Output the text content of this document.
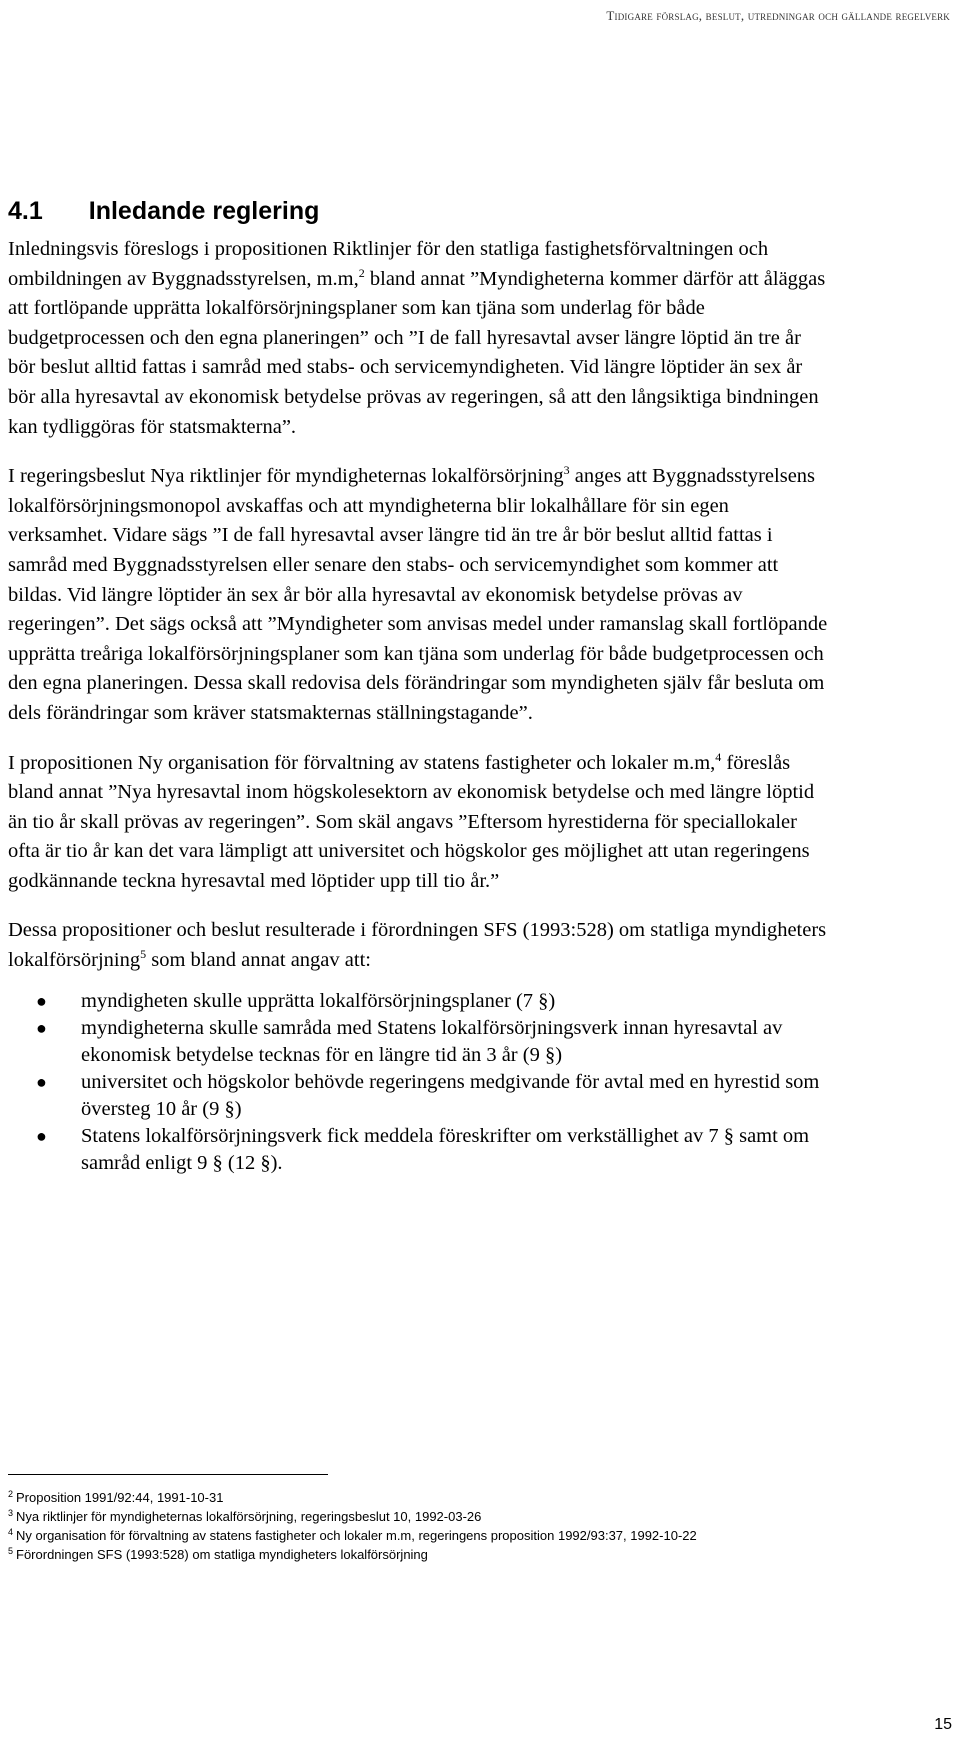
Tidigare förslag, beslut, utredningar och gällande regelverk
4.1 Inledande reglering

Inledningsvis föreslogs i propositionen Riktlinjer för den statliga fastighetsförvaltningen och ombildningen av Byggnadsstyrelsen, m.m,$^2$ bland annat ”Myndigheterna kommer därför att åläggas att fortlöpande upprätta lokalförsörjningsplaner som kan tjäna som underlag för både budgetprocessen och den egna planeringen” och ”I de fall hyresavtal avser längre löptid än tre år bör beslut alltid fattas i samråd med stabs- och servicemyndigheten. Vid längre löptider än sex år bör alla hyresavtal av ekonomisk betydelse prövas av regeringen, så att den långsiktiga bindningen kan tydliggöras för statsmakterna”.

I regeringsbeslut Nya riktlinjer för myndigheternas lokalförsörjning$^3$ anges att Byggnadsstyrelsens lokalförsörjningsmonopol avskaffas och att myndigheterna blir lokalhållare för sin egen verksamhet. Vidare sägs ”I de fall hyresavtal avser längre tid än tre år bör beslut alltid fattas i samråd med Byggnadsstyrelsen eller senare den stabs- och servicemyndighet som kommer att bildas. Vid längre löptider än sex år bör alla hyresavtal av ekonomisk betydelse prövas av regeringen”. Det sägs också att ”Myndigheter som anvisas medel under ramanslag skall fortlöpande upprätta treåriga lokalförsörjningsplaner som kan tjäna som underlag för både budgetprocessen och den egna planeringen. Dessa skall redovisa dels förändringar som myndigheten själv får besluta om dels förändringar som kräver statsmakternas ställningstagande”.

I propositionen Ny organisation för förvaltning av statens fastigheter och lokaler m.m,$^4$ föreslås bland annat ”Nya hyresavtal inom högskolesektorn av ekonomisk betydelse och med längre löptid än tio år skall prövas av regeringen”. Som skäl angavs ”Eftersom hyrestiderna för speciallokaler ofta är tio år kan det vara lämpligt att universitet och högskolor ges möjlighet att utan regeringens godkännande teckna hyresavtal med löptider upp till tio år.”

Dessa propositioner och beslut resulterade i förordningen SFS (1993:528) om statliga myndigheters lokalförsörjning$^5$ som bland annat angav att:

● myndigheten skulle upprätta lokalförsörjningsplaner (7 §)
● myndigheterna skulle samråda med Statens lokalförsörjningsverk innan hyresavtal av ekonomisk betydelse tecknas för en längre tid än 3 år (9 §)
● universitet och högskolor behövde regeringens medgivande för avtal med en hyrestid som översteg 10 år (9 §)
● Statens lokalförsörjningsverk fick meddela föreskrifter om verkställighet av 7 § samt om samråd enligt 9 § (12 §).
$^2$ Proposition 1991/92:44, 1991-10-31
$^3$ Nya riktlinjer för myndigheternas lokalförsörjning, regeringsbeslut 10, 1992-03-26
$^4$ Ny organisation för förvaltning av statens fastigheter och lokaler m.m, regeringens proposition 1992/93:37, 1992-10-22
$^5$ Förordningen SFS (1993:528) om statliga myndigheters lokalförsörjning
15
